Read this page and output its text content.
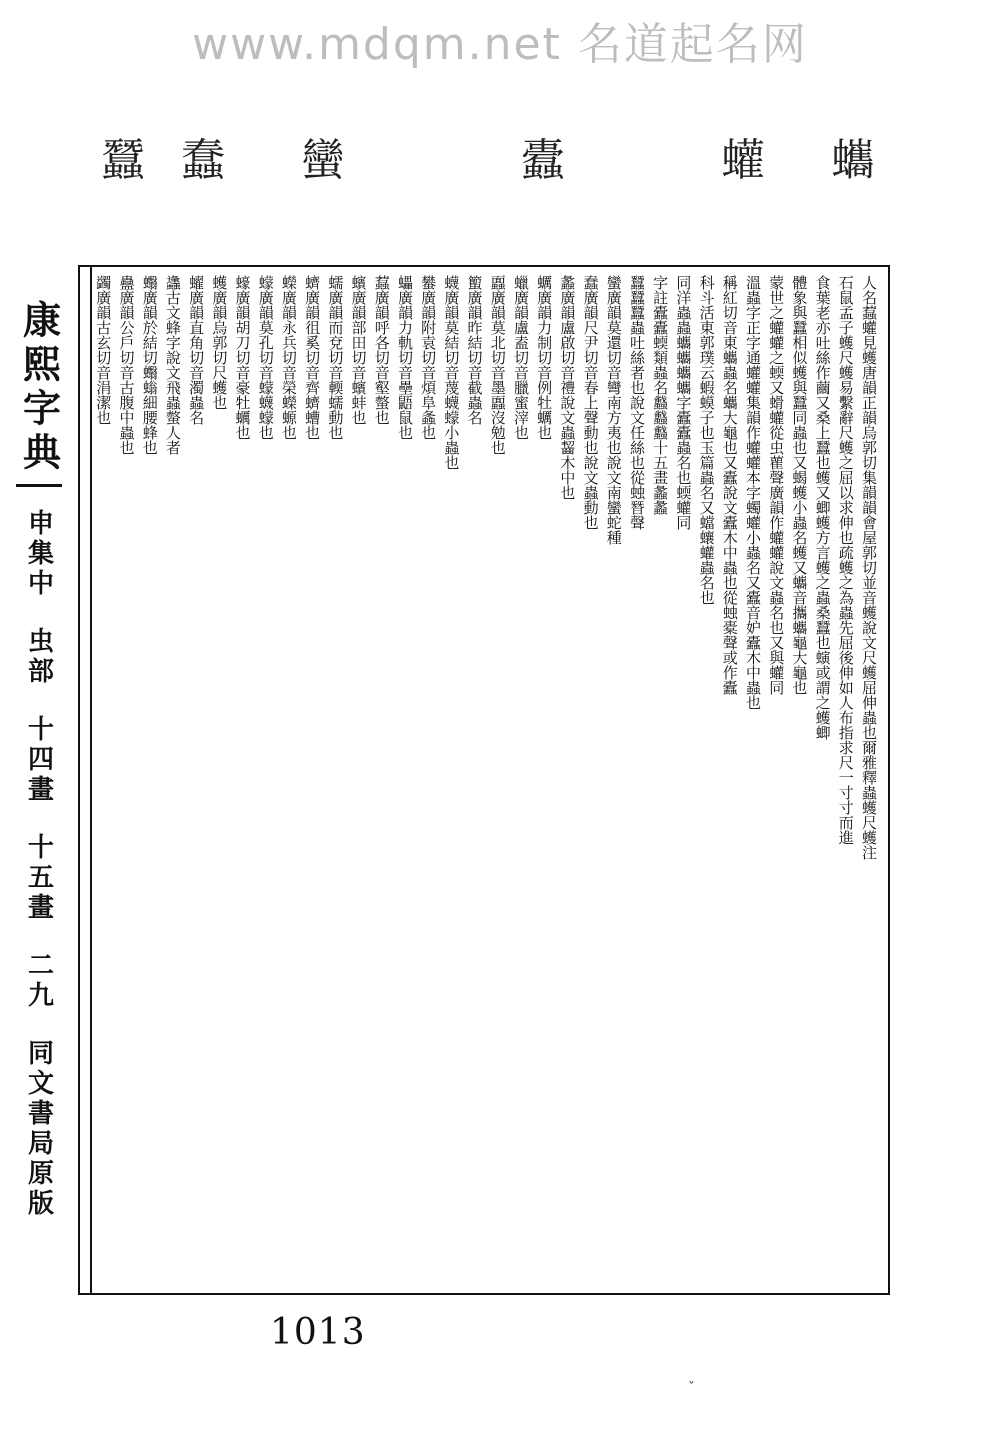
www.mdqm.net 名道起名网
蠶 蠢 蠻	蠹	蠸 蠵
康熙字典
申集中
虫部
十四畫
十五畫
二九
同文書局原版
人名蠚蠸見蠖唐韻正韻烏郭切集韻韻會屋郭切並音蠖說文尺蠖屈伸蟲也爾雅釋蟲蠖尺蠖注
石鼠孟子蠖尺蠖易繫辭尺蠖之屈以求伸也疏蠖之為蟲先屈後伸如人布指求尺一寸寸而進
食葉老亦吐絲作繭又桑上蠶也蠖又蝍蠖方言蠖之蟲桑蠶也螾或謂之蠖蝍
體象與蠶相似蠖與蠶同蟲也又蝎蠖小蟲名蠖又蠵音攜蠵龜大龜也
蒙世之蠸蠸之蝡又螖蠸從虫雚聲廣韻作蠸蠸說文蟲名也又與蠸同
溫蟲字正字通蠸蠸集韻作蠸蠸本字蠋蠸小蟲名又蠹音妒蠹木中蟲也
稱紅切音東蠵蟲名蠵大龜也又蠹說文蠹木中蟲也從䖵橐聲或作蠹
科斗活東郭璞云蝦蟆子也玉篇蟲名又蟷蠰蠸蟲名也
同洋蟲蟲蠵蠵蠵蠵字蠹蠹蟲名也蝡蠸同
字註蠹蠹蝡類蟲名蠽蠽蠽十五畫蠡蠡
蠶蠶蠶蟲吐絲者也說文任絲也從䖵朁聲
蠻廣韻莫還切音彎南方夷也說文南蠻蛇種
蠢廣韻尺尹切音春上聲動也說文蟲動也
蠡廣韻盧啟切音禮說文蟲齧木中也
蠣廣韻力制切音例牡蠣也
蠟廣韻盧盍切音臘蜜滓也
蠠廣韻莫北切音墨蠠沒勉也
蠞廣韻昨結切音截蟲名
蠛廣韻莫結切音蔑蠛蠓小蟲也
蠜廣韻附袁切音煩阜螽也
蠝廣韻力軌切音壘鼯鼠也
蠚廣韻呼各切音壑螫也
蠙廣韻部田切音蠙蚌也
蠕廣韻而兗切音輭蠕動也
蠐廣韻徂奚切音齊蠐螬也
蠑廣韻永兵切音榮蠑螈也
蠓廣韻莫孔切音蠓蠛蠓也
蠔廣韻胡刀切音豪牡蠣也
蠖廣韻烏郭切尺蠖也
蠗廣韻直角切音濁蟲名
蠭古文蜂字說文飛蟲螫人者
蠮廣韻於結切蠮螉細腰蜂也
蠱廣韻公戶切音古腹中蟲也
蠲廣韻古玄切音涓潔也
1013
ˇ
